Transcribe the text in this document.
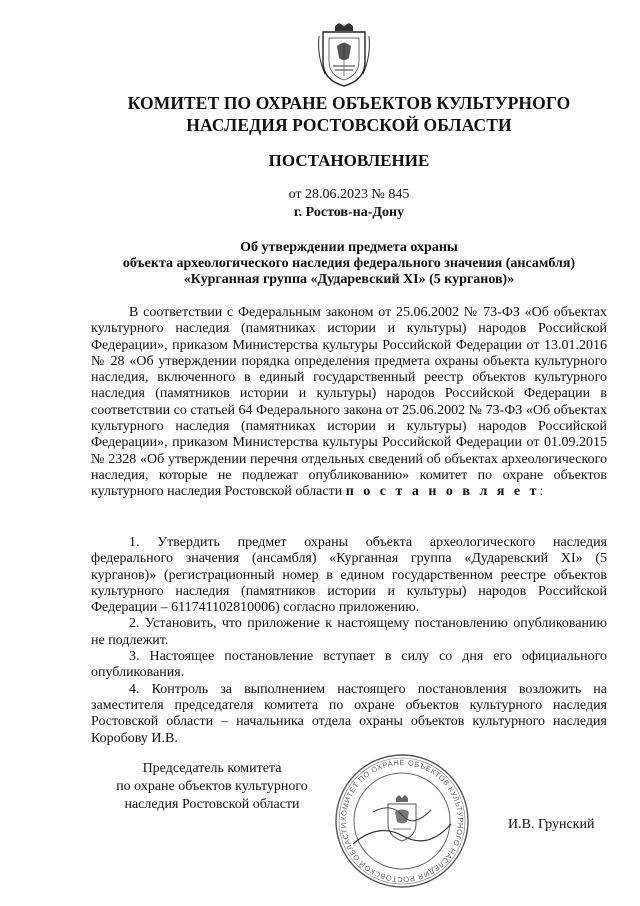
КОМИТЕТ ПО ОХРАНЕ ОБЪЕКТОВ КУЛЬТУРНОГО
НАСЛЕДИЯ РОСТОВСКОЙ ОБЛАСТИ
ПОСТАНОВЛЕНИЕ
от 28.06.2023 № 845
г. Ростов-на-Дону
Об утверждении предмета охраны
объекта археологического наследия федерального значения (ансамбля)
«Курганная группа «Дударевский XI» (5 курганов)»
В соответствии с Федеральным законом от 25.06.2002 № 73-ФЗ «Об объектах культурного наследия (памятниках истории и культуры) народов Российской Федерации», приказом Министерства культуры Российской Федерации от 13.01.2016 № 28 «Об утверждении порядка определения предмета охраны объекта культурного наследия, включенного в единый государственный реестр объектов культурного наследия (памятников истории и культуры) народов Российской Федерации в соответствии со статьей 64 Федерального закона от 25.06.2002 № 73-ФЗ «Об объектах культурного наследия (памятниках истории и культуры) народов Российской Федерации», приказом Министерства культуры Российской Федерации от 01.09.2015 № 2328 «Об утверждении перечня отдельных сведений об объектах археологического наследия, которые не подлежат опубликованию» комитет по охране объектов культурного наследия Ростовской области п о с т а н о в л я е т:

1. Утвердить предмет охраны объекта археологического наследия федерального значения (ансамбля) «Курганная группа «Дударевский XI» (5 курганов)» (регистрационный номер в едином государственном реестре объектов культурного наследия (памятников истории и культуры) народов Российской Федерации – 611741102810006) согласно приложению.

2. Установить, что приложение к настоящему постановлению опубликованию не подлежит.

3. Настоящее постановление вступает в силу со дня его официального опубликования.

4. Контроль за выполнением настоящего постановления возложить на заместителя председателя комитета по охране объектов культурного наследия Ростовской области – начальника отдела охраны объектов культурного наследия Коробову И.В.

Председатель комитета
по охране объектов культурного
наследия Ростовской области
КОМИТЕТ ПО ОХРАНЕ ОБЪЕКТОВ КУЛЬТУРНОГО НАСЛЕДИЯ РОСТОВСКОЙ ОБЛАСТИ	И.В. Грунский
